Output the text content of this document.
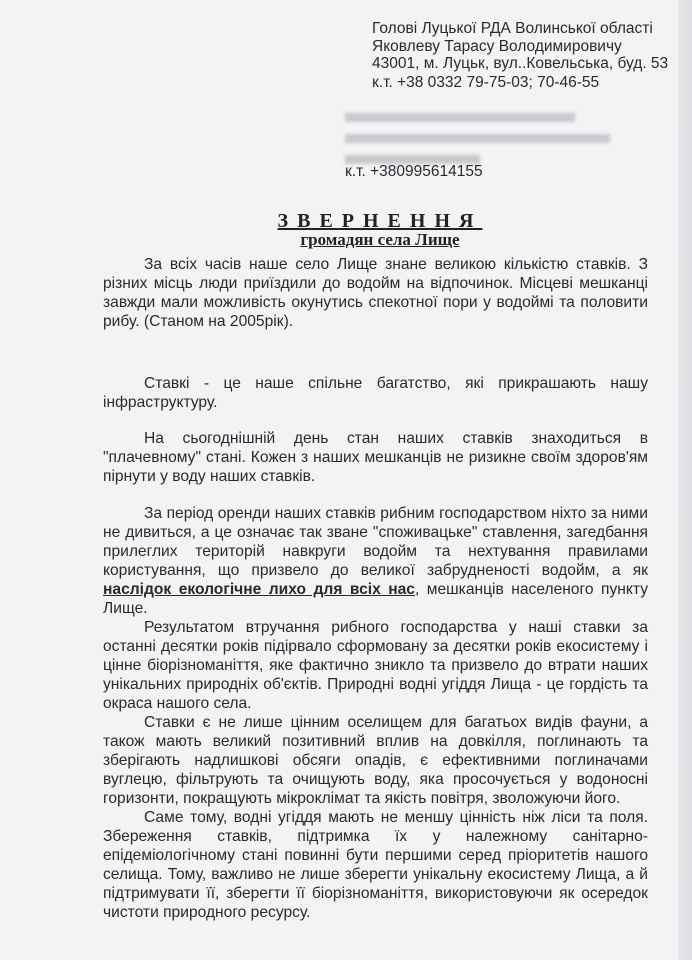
Голові Луцької РДА Волинської області
Яковлеву Тарасу Володимировичу
43001, м. Луцьк, вул..Ковельська, буд. 53
к.т. +38 0332 79-75-03; 70-46-55
к.т. +380995614155
ЗВЕРНЕННЯ
громадян села Лище
За всіх часів наше село Лище знане великою кількістю ставків. З
різних місць люди приїздили до водойм на відпочинок. Місцеві мешканці
завжди мали можливість окунутись спекотної пори у водоймі та половити
рибу. (Станом на 2005рік).
Ставкі - це наше спільне багатство, які прикрашають нашу
інфраструктуру.
На сьогоднішній день стан наших ставків знаходиться в
"плачевному" стані. Кожен з наших мешканців не ризикне своїм здоров'ям
пірнути у воду наших ставків.
За період оренди наших ставків рибним господарством ніхто за ними
не дивиться, а це означає так зване "споживацьке" ставлення, загедбання
прилеглих територій навкруги водойм та нехтування правилами
користування, що призвело до великої забрудненості водойм, а як
наслідок екологічне лихо для всіх нас, мешканців населеного пункту
Лище.
Результатом втручання рибного господарства у наші ставки за
останні десятки років підірвало сформовану за десятки років екосистему і
цінне біорізноманіття, яке фактично зникло та призвело до втрати наших
унікальних природніх об'єктів. Природні водні угіддя Лища - це гордість та
окраса нашого села.
Ставки є не лише цінним оселищем для багатьох видів фауни, а
також мають великий позитивний вплив на довкілля, поглинають та
зберігають надлишкові обсяги опадів, є ефективними поглиначами
вуглецю, фільтрують та очищують воду, яка просочується у водоносні
горизонти, покращують мікроклімат та якість повітря, зволожуючи його.
Саме тому, водні угіддя мають не меншу цінність ніж ліси та поля.
Збереження ставків, підтримка їх у належному санітарно-
епідеміологічному стані повинні бути першими серед пріоритетів нашого
селища. Тому, важливо не лише зберегти унікальну екосистему Лища, а й
підтримувати її, зберегти її біорізноманіття, використовуючи як осередок
чистоти природного ресурсу.
